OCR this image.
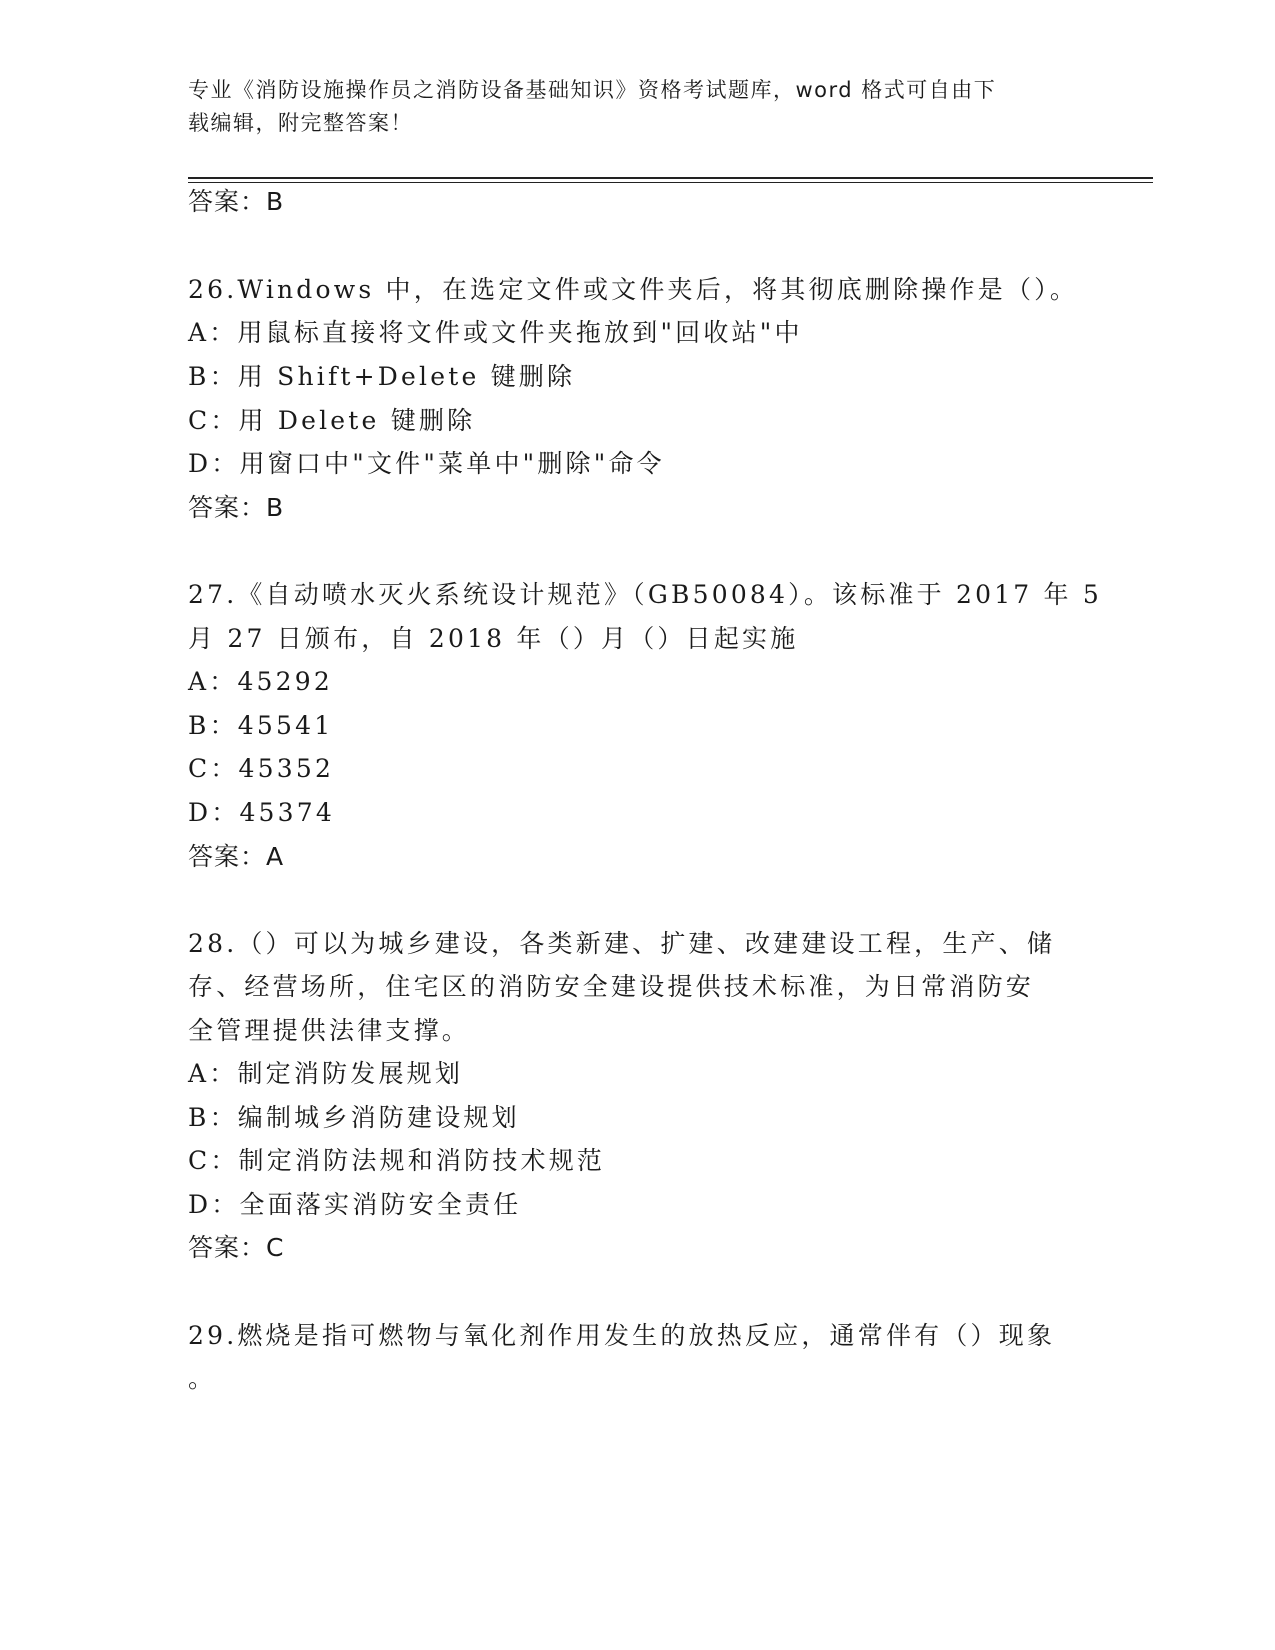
专业《消防设施操作员之消防设备基础知识》资格考试题库，word 格式可自由下
载编辑，附完整答案！
答案：B
26.Windows 中，在选定文件或文件夹后，将其彻底删除操作是（）。
A：用鼠标直接将文件或文件夹拖放到"回收站"中
B：用 Shift+Delete 键删除
C：用 Delete 键删除
D：用窗口中"文件"菜单中"删除"命令
答案：B
27.《自动喷水灭火系统设计规范》（GB50084）。该标准于 2017 年 5
月 27 日颁布，自 2018 年（）月（）日起实施
A：45292
B：45541
C：45352
D：45374
答案：A
28.（）可以为城乡建设，各类新建、扩建、改建建设工程，生产、储
存、经营场所，住宅区的消防安全建设提供技术标准，为日常消防安
全管理提供法律支撑。
A：制定消防发展规划
B：编制城乡消防建设规划
C：制定消防法规和消防技术规范
D：全面落实消防安全责任
答案：C
29.燃烧是指可燃物与氧化剂作用发生的放热反应，通常伴有（）现象
。
